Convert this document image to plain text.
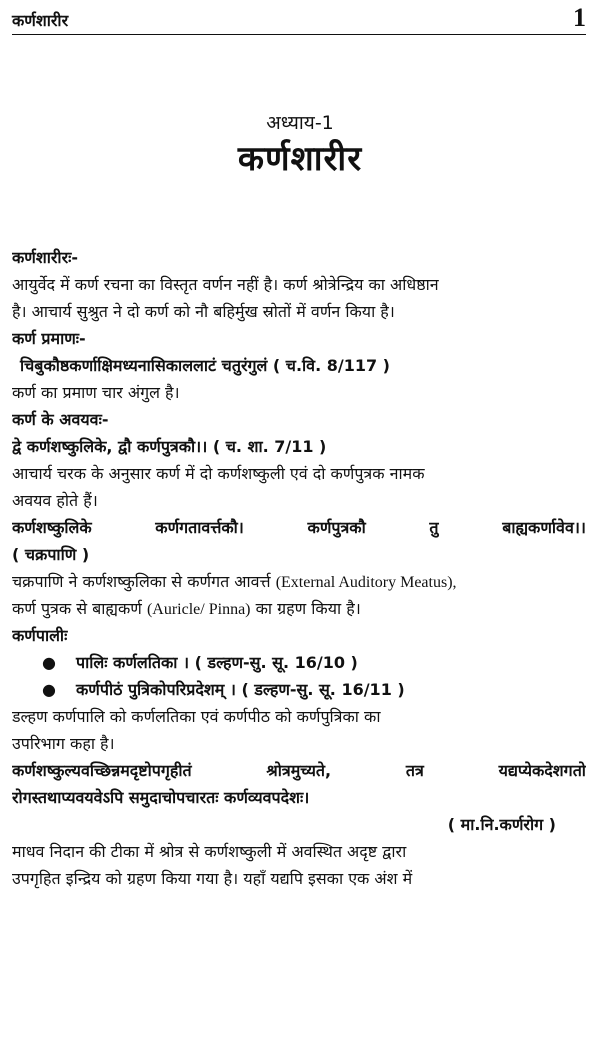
कर्णशारीर	1
अध्याय-1
कर्णशारीर
कर्णशारीरः-
आयुर्वेद में कर्ण रचना का विस्तृत वर्णन नहीं है। कर्ण श्रोत्रेन्द्रिय का अधिष्ठान
है। आचार्य सुश्रुत ने दो कर्ण को नौ बहिर्मुख स्रोतों में वर्णन किया है।
कर्ण प्रमाणः-
चिबुकौष्ठकर्णाक्षिमध्यनासिकाललाटं चतुरंगुलं ( च.वि. 8/117 )
कर्ण का प्रमाण चार अंगुल है।
कर्ण के अवयवः-
द्वे कर्णशष्कुलिके, द्वौ कर्णपुत्रकौ।। ( च. शा. 7/11 )
आचार्य चरक के अनुसार कर्ण में दो कर्णशष्कुली एवं दो कर्णपुत्रक नामक
अवयव होते हैं।
कर्णशष्कुलिके	कर्णगतावर्त्तकौ।	कर्णपुत्रकौ	तु	बाह्यकर्णावेव।।
( चक्रपाणि )
चक्रपाणि ने कर्णशष्कुलिका से कर्णगत आवर्त्त (External Auditory Meatus),
कर्ण पुत्रक से बाह्यकर्ण (Auricle/ Pinna) का ग्रहण किया है।
कर्णपालीः
● पालिः कर्णलतिका । ( डल्हण-सु. सू. 16/10 )
● कर्णपीठं पुत्रिकोपरिप्रदेशम् । ( डल्हण-सु. सू. 16/11 )
डल्हण कर्णपालि को कर्णलतिका एवं कर्णपीठ को कर्णपुत्रिका का
उपरिभाग कहा है।
कर्णशष्कुल्यवच्छिन्नमदृष्टोपगृहीतं	श्रोत्रमुच्यते,	तत्र	यद्यप्येकदेशगतो
रोगस्तथाप्यवयवेऽपि समुदाचोपचारतः कर्णव्यवपदेशः।
( मा.नि.कर्णरोग )
माधव निदान की टीका में श्रोत्र से कर्णशष्कुली में अवस्थित अदृष्ट द्वारा
उपगृहित इन्द्रिय को ग्रहण किया गया है। यहाँ यद्यपि इसका एक अंश में
